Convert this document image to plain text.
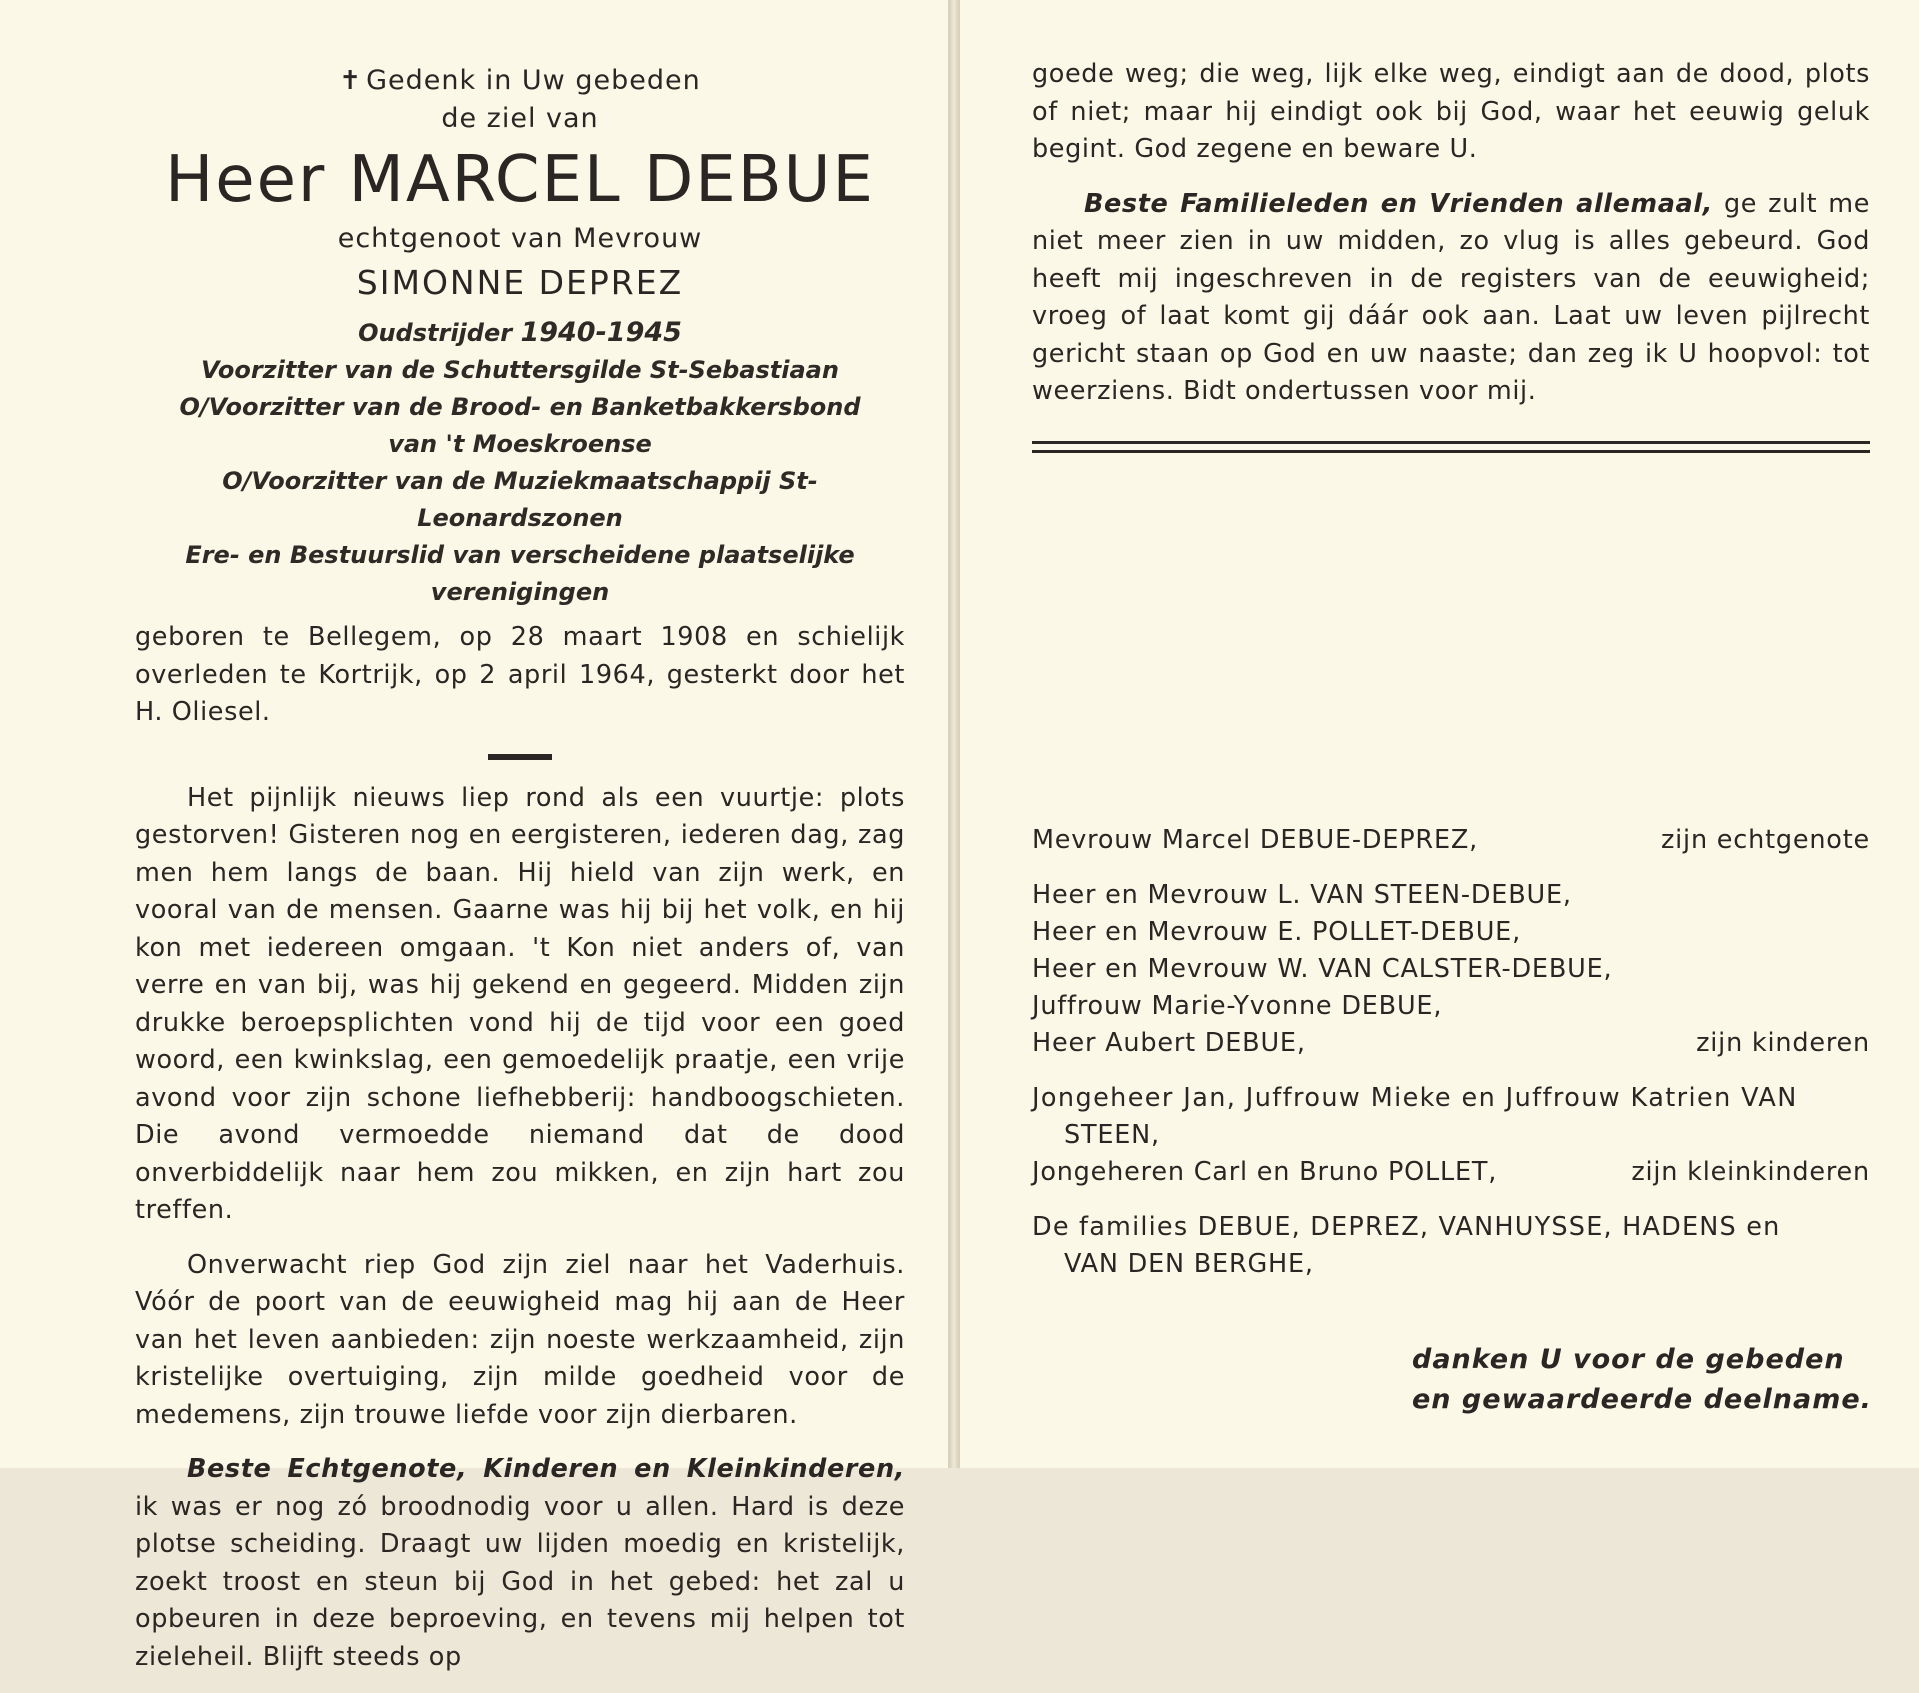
✝ Gedenk in Uw gebeden
de ziel van
Heer MARCEL DEBUE
echtgenoot van Mevrouw
SIMONNE DEPREZ
Oudstrijder 1940-1945
Voorzitter van de Schuttersgilde St-Sebastiaan
O/Voorzitter van de Brood- en Banketbakkersbond
van 't Moeskroense
O/Voorzitter van de Muziekmaatschappij St-Leonardszonen
Ere- en Bestuurslid van verscheidene plaatselijke verenigingen

geboren te Bellegem, op 28 maart 1908 en schielijk overleden te Kortrijk, op 2 april 1964, gesterkt door het H. Oliesel.

Het pijnlijk nieuws liep rond als een vuurtje: plots gestorven! Gisteren nog en eergisteren, iederen dag, zag men hem langs de baan. Hij hield van zijn werk, en vooral van de mensen. Gaarne was hij bij het volk, en hij kon met iedereen omgaan. 't Kon niet anders of, van verre en van bij, was hij gekend en gegeerd. Midden zijn drukke beroepsplichten vond hij de tijd voor een goed woord, een kwinkslag, een gemoedelijk praatje, een vrije avond voor zijn schone liefhebberij: handboogschieten. Die avond vermoedde niemand dat de dood onverbiddelijk naar hem zou mikken, en zijn hart zou treffen.

Onverwacht riep God zijn ziel naar het Vaderhuis. Vóór de poort van de eeuwigheid mag hij aan de Heer van het leven aanbieden: zijn noeste werkzaamheid, zijn kristelijke overtuiging, zijn milde goedheid voor de medemens, zijn trouwe liefde voor zijn dierbaren.

Beste Echtgenote, Kinderen en Kleinkinderen, ik was er nog zó broodnodig voor u allen. Hard is deze plotse scheiding. Draagt uw lijden moedig en kristelijk, zoekt troost en steun bij God in het gebed: het zal u opbeuren in deze beproeving, en tevens mij helpen tot zieleheil. Blijft steeds op

goede weg; die weg, lijk elke weg, eindigt aan de dood, plots of niet; maar hij eindigt ook bij God, waar het eeuwig geluk begint. God zegene en beware U.

Beste Familieleden en Vrienden allemaal, ge zult me niet meer zien in uw midden, zo vlug is alles gebeurd. God heeft mij ingeschreven in de registers van de eeuwigheid; vroeg of laat komt gij dáár ook aan. Laat uw leven pijlrecht gericht staan op God en uw naaste; dan zeg ik U hoopvol: tot weerziens. Bidt ondertussen voor mij.

Mevrouw Marcel DEBUE-DEPREZ,	zijn echtgenote
Heer en Mevrouw L. VAN STEEN-DEBUE,
Heer en Mevrouw E. POLLET-DEBUE,
Heer en Mevrouw W. VAN CALSTER-DEBUE,
Juffrouw Marie-Yvonne DEBUE,
Heer Aubert DEBUE,	zijn kinderen
Jongeheer Jan, Juffrouw Mieke en Juffrouw Katrien VAN
STEEN,
Jongeheren Carl en Bruno POLLET,	zijn kleinkinderen
De families DEBUE, DEPREZ, VANHUYSSE, HADENS en
VAN DEN BERGHE,
danken U voor de gebeden
en gewaardeerde deelname.
